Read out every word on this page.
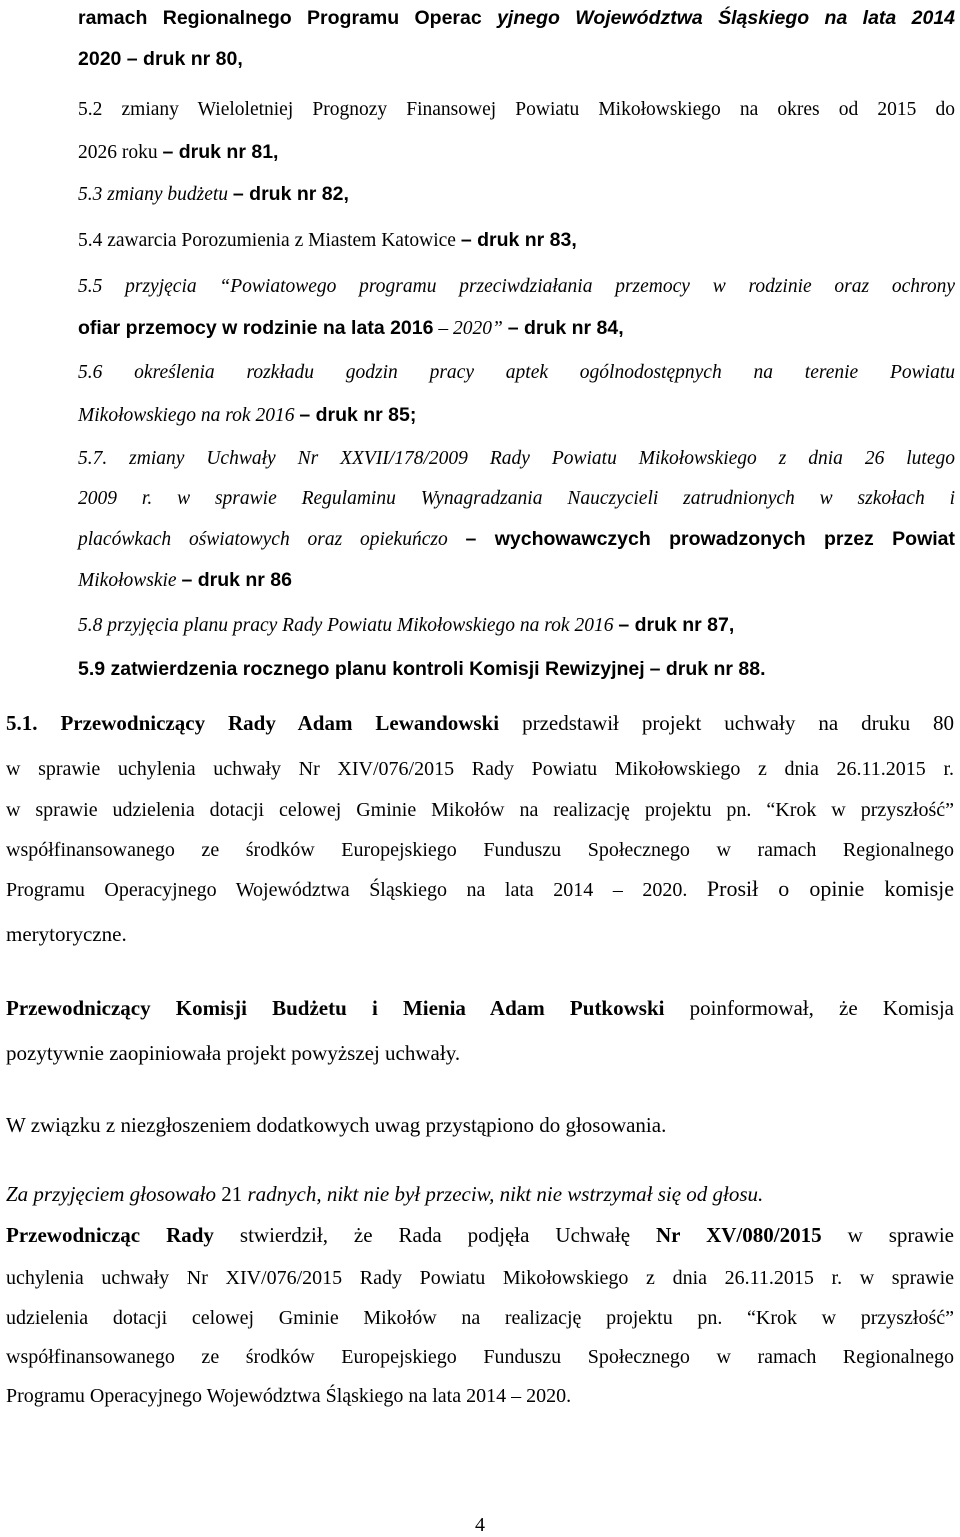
ramach Regionalnego Programu Operac yjnego Województwa Śląskiego na lata 2014

2020 – druk nr 80,

5.2 zmiany Wieloletniej Prognozy Finansowej Powiatu Mikołowskiego na okres od 2015 do

2026 roku – druk nr 81,

5.3 zmiany budżetu – druk nr 82,

5.4 zawarcia Porozumienia z Miastem Katowice – druk nr 83,

5.5 przyjęcia “Powiatowego programu przeciwdziałania przemocy w rodzinie oraz ochrony

ofiar przemocy w rodzinie na lata 2016 – 2020” – druk nr 84,

5.6 określenia rozkładu godzin pracy aptek ogólnodostępnych na terenie Powiatu

Mikołowskiego na rok 2016 – druk nr 85;

5.7. zmiany Uchwały Nr XXVII/178/2009 Rady Powiatu Mikołowskiego z dnia 26 lutego

2009 r. w sprawie Regulaminu Wynagradzania Nauczycieli zatrudnionych w szkołach i

placówkach oświatowych oraz opiekuńczo – wychowawczych prowadzonych przez Powiat

Mikołowskie – druk nr 86

5.8 przyjęcia planu pracy Rady Powiatu Mikołowskiego na rok 2016 – druk nr 87,

5.9 zatwierdzenia rocznego planu kontroli Komisji Rewizyjnej – druk nr 88.

5.1. Przewodniczący Rady Adam Lewandowski przedstawił projekt uchwały na druku 80

w sprawie uchylenia uchwały Nr XIV/076/2015 Rady Powiatu Mikołowskiego z dnia 26.11.2015 r.

w sprawie udzielenia dotacji celowej Gminie Mikołów na realizację projektu pn. “Krok w przyszłość”

współfinansowanego ze środków Europejskiego Funduszu Społecznego w ramach Regionalnego

Programu Operacyjnego Województwa Śląskiego na lata 2014 – 2020. Prosił o opinie komisje

merytoryczne.

Przewodniczący Komisji Budżetu i Mienia Adam Putkowski poinformował, że Komisja

pozytywnie zaopiniowała projekt powyższej uchwały.

W związku z niezgłoszeniem dodatkowych uwag przystąpiono do głosowania.

Za przyjęciem głosowało 21 radnych, nikt nie był przeciw, nikt nie wstrzymał się od głosu.

Przewodnicząc Rady stwierdził, że Rada podjęła Uchwałę Nr XV/080/2015 w sprawie

uchylenia uchwały Nr XIV/076/2015 Rady Powiatu Mikołowskiego z dnia 26.11.2015 r. w sprawie

udzielenia dotacji celowej Gminie Mikołów na realizację projektu pn. “Krok w przyszłość”

współfinansowanego ze środków Europejskiego Funduszu Społecznego w ramach Regionalnego

Programu Operacyjnego Województwa Śląskiego na lata 2014 – 2020.

4
